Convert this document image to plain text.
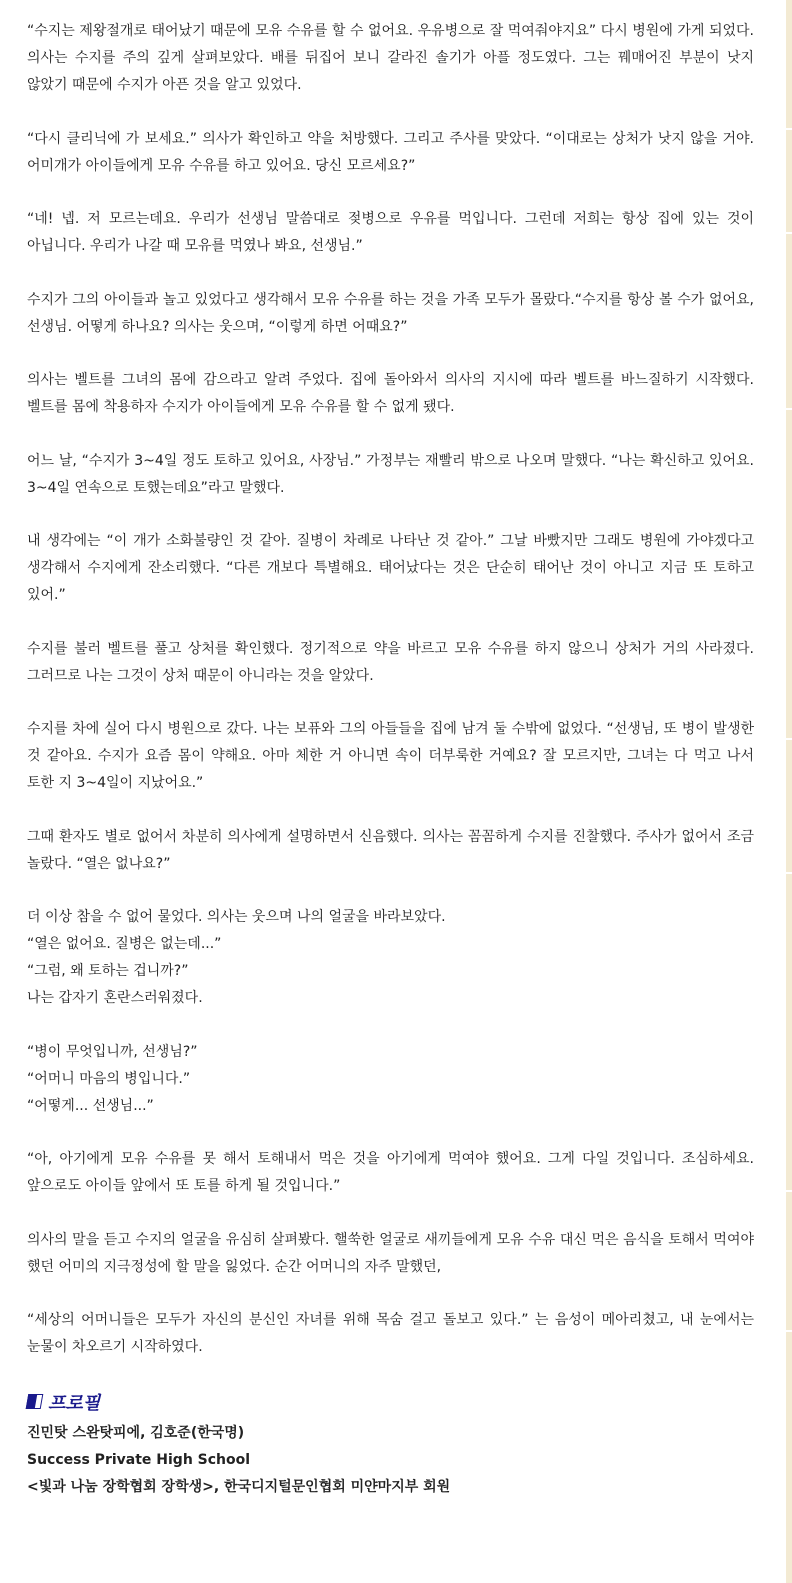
“수지는 제왕절개로 태어났기 때문에 모유 수유를 할 수 없어요. 우유병으로 잘 먹여줘야지요” 다시 병원에 가게 되었다. 의사는 수지를 주의 깊게 살펴보았다. 배를 뒤집어 보니 갈라진 솔기가 아플 정도였다. 그는 꿰매어진 부분이 낫지 않았기 때문에 수지가 아픈 것을 알고 있었다.

“다시 클리닉에 가 보세요.” 의사가 확인하고 약을 처방했다. 그리고 주사를 맞았다. “이대로는 상처가 낫지 않을 거야. 어미개가 아이들에게 모유 수유를 하고 있어요. 당신 모르세요?”

“네! 넵. 저 모르는데요. 우리가 선생님 말씀대로 젖병으로 우유를 먹입니다. 그런데 저희는 항상 집에 있는 것이 아닙니다. 우리가 나갈 때 모유를 먹였나 봐요, 선생님.”

수지가 그의 아이들과 놀고 있었다고 생각해서 모유 수유를 하는 것을 가족 모두가 몰랐다.“수지를 항상 볼 수가 없어요, 선생님. 어떻게 하나요? 의사는 웃으며, “이렇게 하면 어때요?”

의사는 벨트를 그녀의 몸에 감으라고 알려 주었다. 집에 돌아와서 의사의 지시에 따라 벨트를 바느질하기 시작했다. 벨트를 몸에 착용하자 수지가 아이들에게 모유 수유를 할 수 없게 됐다.

어느 날, “수지가 3~4일 정도 토하고 있어요, 사장님.” 가정부는 재빨리 밖으로 나오며 말했다. “나는 확신하고 있어요. 3~4일 연속으로 토했는데요”라고 말했다.

내 생각에는 “이 개가 소화불량인 것 같아. 질병이 차례로 나타난 것 같아.” 그날 바빴지만 그래도 병원에 가야겠다고 생각해서 수지에게 잔소리했다. “다른 개보다 특별해요. 태어났다는 것은 단순히 태어난 것이 아니고 지금 또 토하고 있어.”

수지를 불러 벨트를 풀고 상처를 확인했다. 정기적으로 약을 바르고 모유 수유를 하지 않으니 상처가 거의 사라졌다. 그러므로 나는 그것이 상처 때문이 아니라는 것을 알았다.

수지를 차에 실어 다시 병원으로 갔다. 나는 보퓨와 그의 아들들을 집에 남겨 둘 수밖에 없었다. “선생님, 또 병이 발생한 것 같아요. 수지가 요즘 몸이 약해요. 아마 체한 거 아니면 속이 더부룩한 거예요? 잘 모르지만, 그녀는 다 먹고 나서 토한 지 3~4일이 지났어요.”

그때 환자도 별로 없어서 차분히 의사에게 설명하면서 신음했다. 의사는 꼼꼼하게 수지를 진찰했다. 주사가 없어서 조금 놀랐다. “열은 없나요?”

더 이상 참을 수 없어 물었다. 의사는 웃으며 나의 얼굴을 바라보았다.
“열은 없어요. 질병은 없는데...”
“그럼, 왜 토하는 겁니까?”
나는 갑자기 혼란스러워졌다.

“병이 무엇입니까, 선생님?”
“어머니 마음의 병입니다.”
“어떻게... 선생님...”

“아, 아기에게 모유 수유를 못 해서 토해내서 먹은 것을 아기에게 먹여야 했어요. 그게 다일 것입니다. 조심하세요. 앞으로도 아이들 앞에서 또 토를 하게 될 것입니다.”

의사의 말을 듣고 수지의 얼굴을 유심히 살펴봤다. 핼쑥한 얼굴로 새끼들에게 모유 수유 대신 먹은 음식을 토해서 먹여야 했던 어미의 지극정성에 할 말을 잃었다. 순간 어머니의 자주 말했던,

“세상의 어머니들은 모두가 자신의 분신인 자녀를 위해 목숨 걸고 돌보고 있다.” 는 음성이 메아리쳤고, 내 눈에서는 눈물이 차오르기 시작하였다.

프로필
진민탓 스완탓피에, 김호준(한국명)
Success Private High School
<빛과 나눔 장학협회 장학생>, 한국디지털문인협회 미얀마지부 회원
